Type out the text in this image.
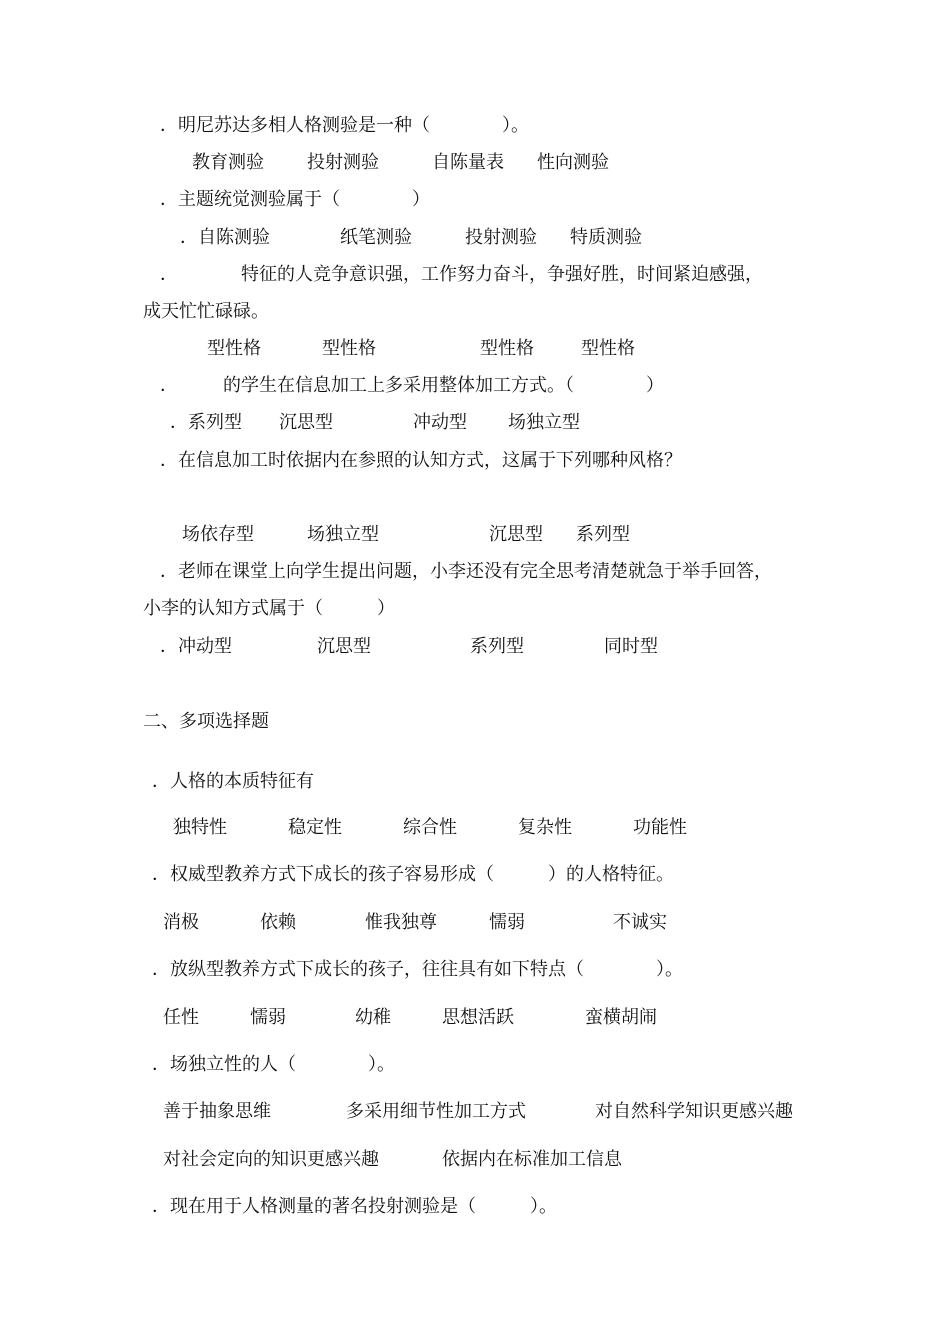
．明尼苏达多相人格测验是一种（　　　　）。
教育测验 投射测验	自陈量表 性向测验
．主题统觉测验属于（　　　　）
．自陈测验	纸笔测验	投射测验 特质测验
．　　　　特征的人竞争意识强，工作努力奋斗，争强好胜，时间紧迫感强，
成天忙忙碌碌。
型性格	型性格	型性格	型性格
．　　　的学生在信息加工上多采用整体加工方式。（　　　　）
．系列型 沉思型	冲动型 场独立型
．在信息加工时依据内在参照的认知方式，这属于下列哪种风格？
场依存型	场独立型	沉思型 系列型
．老师在课堂上向学生提出问题，小李还没有完全思考清楚就急于举手回答，
小李的认知方式属于（　　　）
．冲动型	沉思型	系列型	同时型
二、多项选择题
．人格的本质特征有
独特性	稳定性	综合性	复杂性	功能性
．权威型教养方式下成长的孩子容易形成（　　　）的人格特征。
消极	依赖	惟我独尊	懦弱	不诚实
．放纵型教养方式下成长的孩子，往往具有如下特点（　　　　）。
任性	懦弱	幼稚	思想活跃	蛮横胡闹
．场独立性的人（　　　　）。
善于抽象思维	多采用细节性加工方式	对自然科学知识更感兴趣
对社会定向的知识更感兴趣	依据内在标准加工信息
．现在用于人格测量的著名投射测验是（　　　）。
